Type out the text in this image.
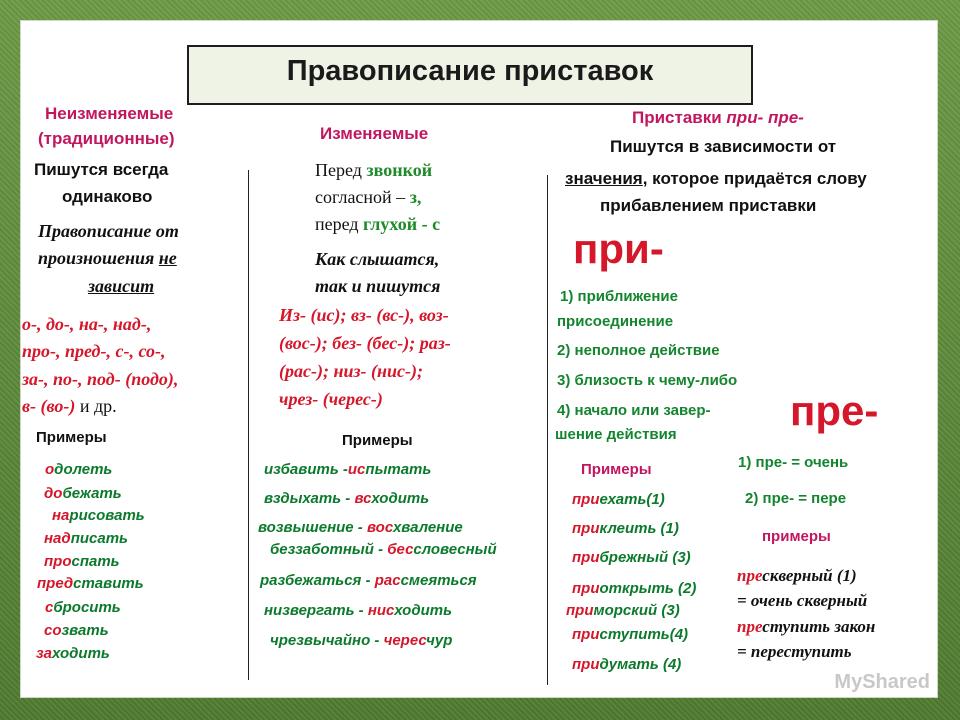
Правописание приставок
Неизменяемые
(традиционные)
Пишутся всегда
одинаково
Правописание от
произношения не
зависит
о-, до-, на-, над-,
про-, пред-, с-, со-,
за-, по-, под- (подо),
в- (во-) и др.
Примеры
одолеть
добежать
нарисовать
надписать
проспать
представить
сбросить
созвать
заходить
Изменяемые
Перед звонкой
согласной – з,
перед глухой - с
Как слышатся,
так и пишутся
Из- (ис); вз- (вс-), воз-
(вос-); без- (бес-); раз-
(рас-); низ- (нис-);
чрез- (черес-)
Примеры
избавить -испытать
вздыхать - всходить
возвышение - восхваление
беззаботный - бессловесный
разбежаться - рассмеяться
низвергать - нисходить
чрезвычайно - чересчур
Приставки при- пре-
Пишутся в зависимости от
значения, которое придаётся слову
прибавлением приставки
при-
1) приближение
присоединение
2) неполное действие
3) близость к чему-либо
4) начало или завер-
шение действия
пре-
1) пре- = очень
2) пре- = пере
Примеры
примеры
приехать(1)
приклеить (1)
прибрежный (3)
приоткрыть (2)
приморский (3)
приступить(4)
придумать (4)
прескверный (1)
= очень скверный
преступить закон
= переступить
MyShared
